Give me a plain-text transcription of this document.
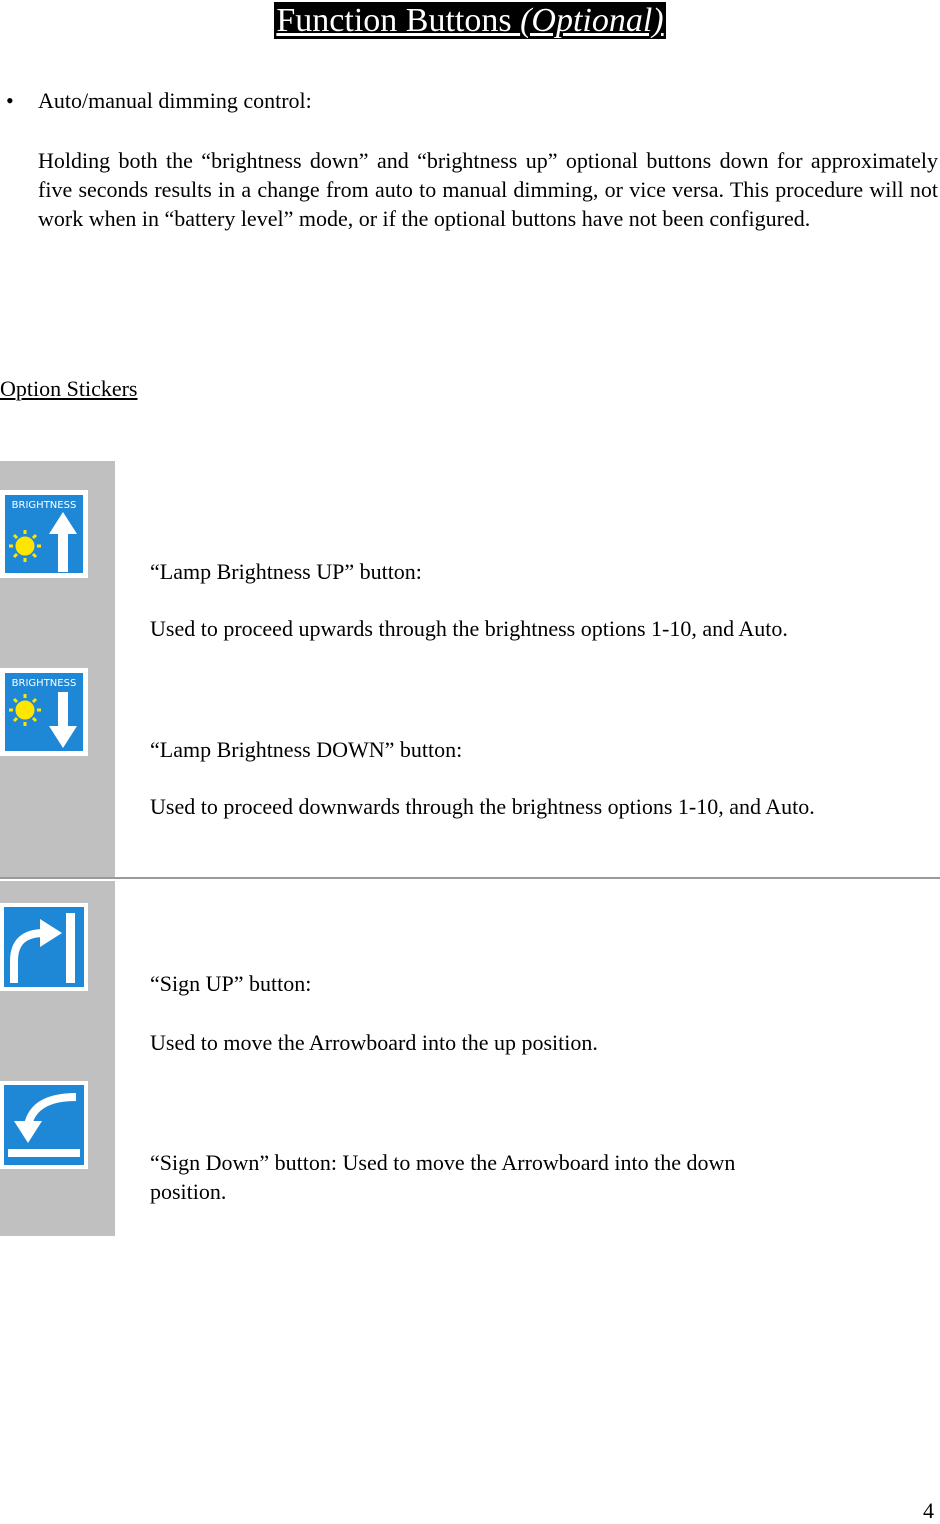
Function Buttons (Optional)
• Auto/manual dimming control:
Holding both the “brightness down” and “brightness up” optional buttons down for approximately five seconds results in a change from auto to manual dimming, or vice versa. This procedure will not work when in “battery level” mode, or if the optional buttons have not been configured.
Option Stickers
BRIGHTNESS
“Lamp Brightness UP” button:
Used to proceed upwards through the brightness options 1-10, and Auto.
BRIGHTNESS
“Lamp Brightness DOWN” button:
Used to proceed downwards through the brightness options 1-10, and Auto.
“Sign UP” button:
Used to move the Arrowboard into the up position.
“Sign Down” button: Used to move the Arrowboard into the down
position.
4
